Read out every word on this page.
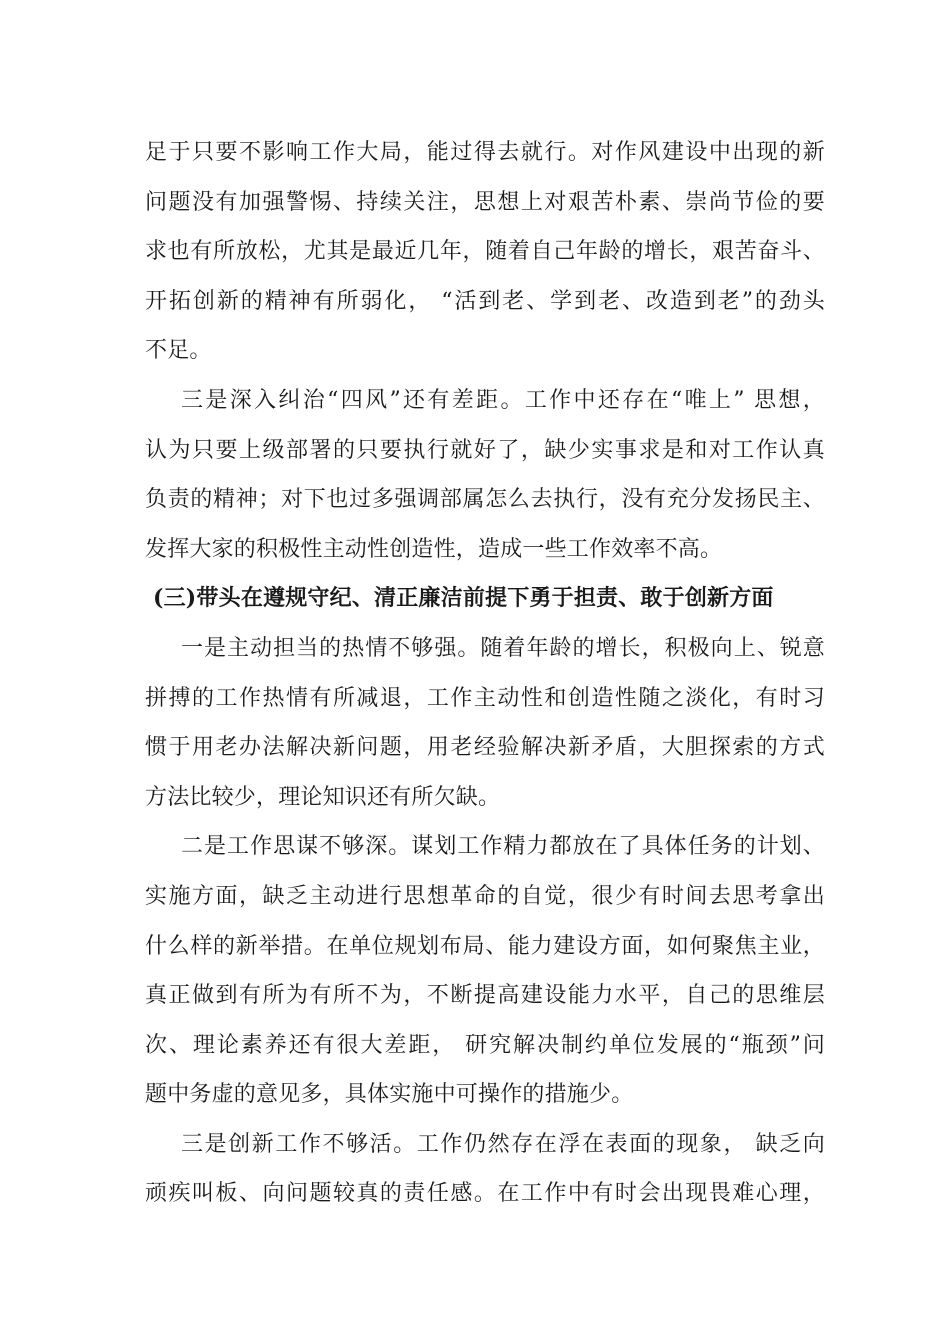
足于只要不影响工作大局，能过得去就行。对作风建设中出现的新
问题没有加强警惕、持续关注，思想上对艰苦朴素、崇尚节俭的要
求也有所放松，尤其是最近几年，随着自己年龄的增长，艰苦奋斗、
开拓创新的精神有所弱化， “活到老、学到老、改造到老”的劲头
不足。
三是深入纠治“四风”还有差距。工作中还存在“唯上” 思想，
认为只要上级部署的只要执行就好了，缺少实事求是和对工作认真
负责的精神；对下也过多强调部属怎么去执行，没有充分发扬民主、
发挥大家的积极性主动性创造性，造成一些工作效率不高。
(三)带头在遵规守纪、清正廉洁前提下勇于担责、敢于创新方面
一是主动担当的热情不够强。随着年龄的增长，积极向上、锐意
拼搏的工作热情有所减退，工作主动性和创造性随之淡化，有时习
惯于用老办法解决新问题，用老经验解决新矛盾，大胆探索的方式
方法比较少，理论知识还有所欠缺。
二是工作思谋不够深。谋划工作精力都放在了具体任务的计划、
实施方面，缺乏主动进行思想革命的自觉，很少有时间去思考拿出
什么样的新举措。在单位规划布局、能力建设方面，如何聚焦主业，
真正做到有所为有所不为，不断提高建设能力水平，自己的思维层
次、理论素养还有很大差距， 研究解决制约单位发展的“瓶颈”问
题中务虚的意见多，具体实施中可操作的措施少。
三是创新工作不够活。工作仍然存在浮在表面的现象， 缺乏向
顽疾叫板、向问题较真的责任感。在工作中有时会出现畏难心理，
